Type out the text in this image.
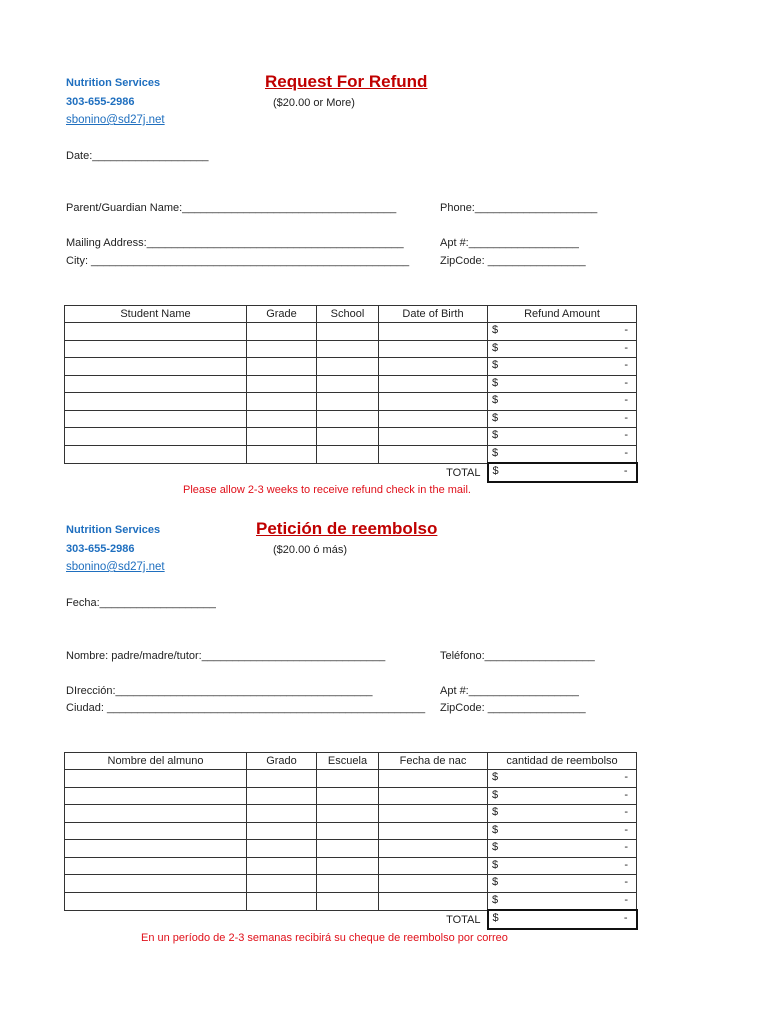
Nutrition Services
303-655-2986
sbonino@sd27j.net
Request For Refund
($20.00 or More)
Date:___________________
Parent/Guardian Name:___________________________________	Phone:____________________
Mailing Address:__________________________________________	Apt #:__________________
City: ____________________________________________________	ZipCode: ________________
Student Name	Grade	School	Date of Birth	Refund Amount

				$ -

				$ -

				$ -

				$ -

				$ -

				$ -

				$ -

				$ -

			TOTAL	$ -
Please allow 2-3 weeks to receive refund check in the mail.
Nutrition Services
303-655-2986
sbonino@sd27j.net
Petición de reembolso
($20.00 ó más)
Fecha:___________________
Nombre: padre/madre/tutor:______________________________	Teléfono:__________________
DIrección:__________________________________________	Apt #:__________________
Ciudad: ____________________________________________________ ZipCode: ________________
Nombre del almuno	Grado	Escuela	Fecha de nac	cantidad de reembolso

				$ -

				$ -

				$ -

				$ -

				$ -

				$ -

				$ -

				$ -

			TOTAL	$ -
En un período de 2-3 semanas recibirá su cheque de reembolso por correo
